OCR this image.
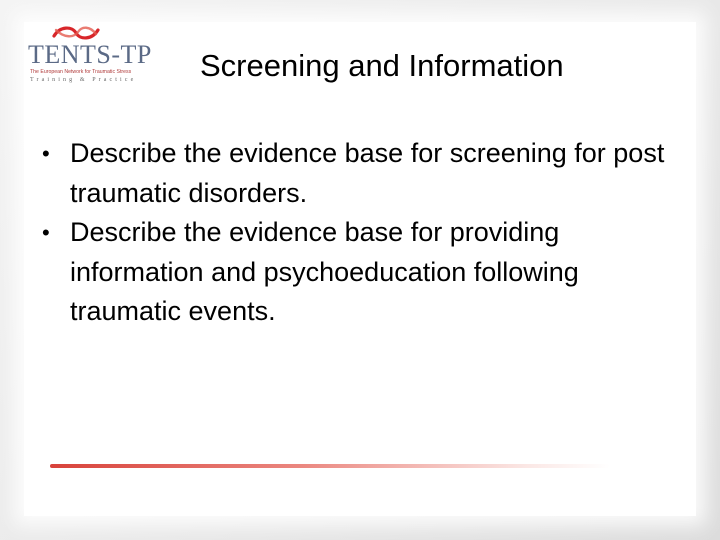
TENTS-TP
The European Network for Traumatic Stress
Training & Practice Screening and Information
• Describe the evidence base for screening for post traumatic disorders.
• Describe the evidence base for providing information and psychoeducation following traumatic events.
